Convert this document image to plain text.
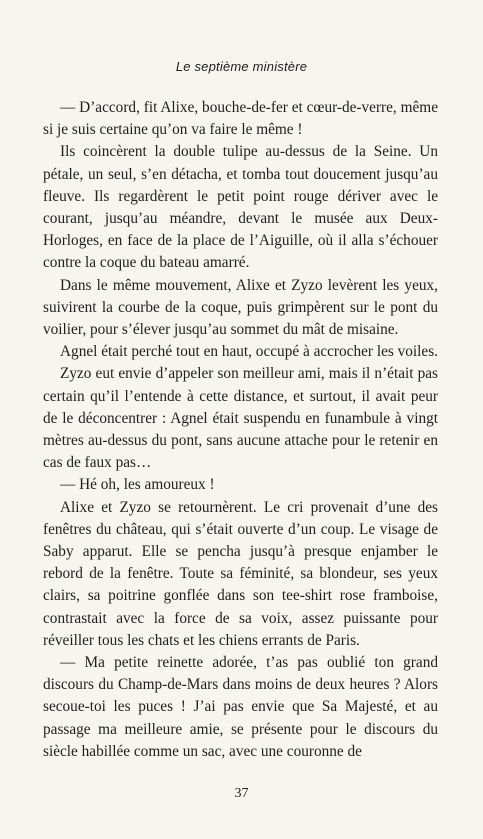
Le septième ministère

— D’accord, fit Alixe, bouche-de-fer et cœur-de-verre, même si je suis certaine qu’on va faire le même !

Ils coincèrent la double tulipe au-dessus de la Seine. Un pétale, un seul, s’en détacha, et tomba tout doucement jusqu’au fleuve. Ils regardèrent le petit point rouge dériver avec le courant, jusqu’au méandre, devant le musée aux Deux-Horloges, en face de la place de l’Aiguille, où il alla s’échouer contre la coque du bateau amarré.

Dans le même mouvement, Alixe et Zyzo levèrent les yeux, suivirent la courbe de la coque, puis grimpèrent sur le pont du voilier, pour s’élever jusqu’au sommet du mât de misaine.

Agnel était perché tout en haut, occupé à accrocher les voiles.

Zyzo eut envie d’appeler son meilleur ami, mais il n’était pas certain qu’il l’entende à cette distance, et surtout, il avait peur de le déconcentrer : Agnel était suspendu en funambule à vingt mètres au-dessus du pont, sans aucune attache pour le retenir en cas de faux pas…

— Hé oh, les amoureux !

Alixe et Zyzo se retournèrent. Le cri provenait d’une des fenêtres du château, qui s’était ouverte d’un coup. Le visage de Saby apparut. Elle se pencha jusqu’à presque enjamber le rebord de la fenêtre. Toute sa féminité, sa blondeur, ses yeux clairs, sa poitrine gonflée dans son tee-shirt rose framboise, contrastait avec la force de sa voix, assez puissante pour réveiller tous les chats et les chiens errants de Paris.

— Ma petite reinette adorée, t’as pas oublié ton grand discours du Champ-de-Mars dans moins de deux heures ? Alors secoue-toi les puces ! J’ai pas envie que Sa Majesté, et au passage ma meilleure amie, se présente pour le discours du siècle habillée comme un sac, avec une couronne de

37
